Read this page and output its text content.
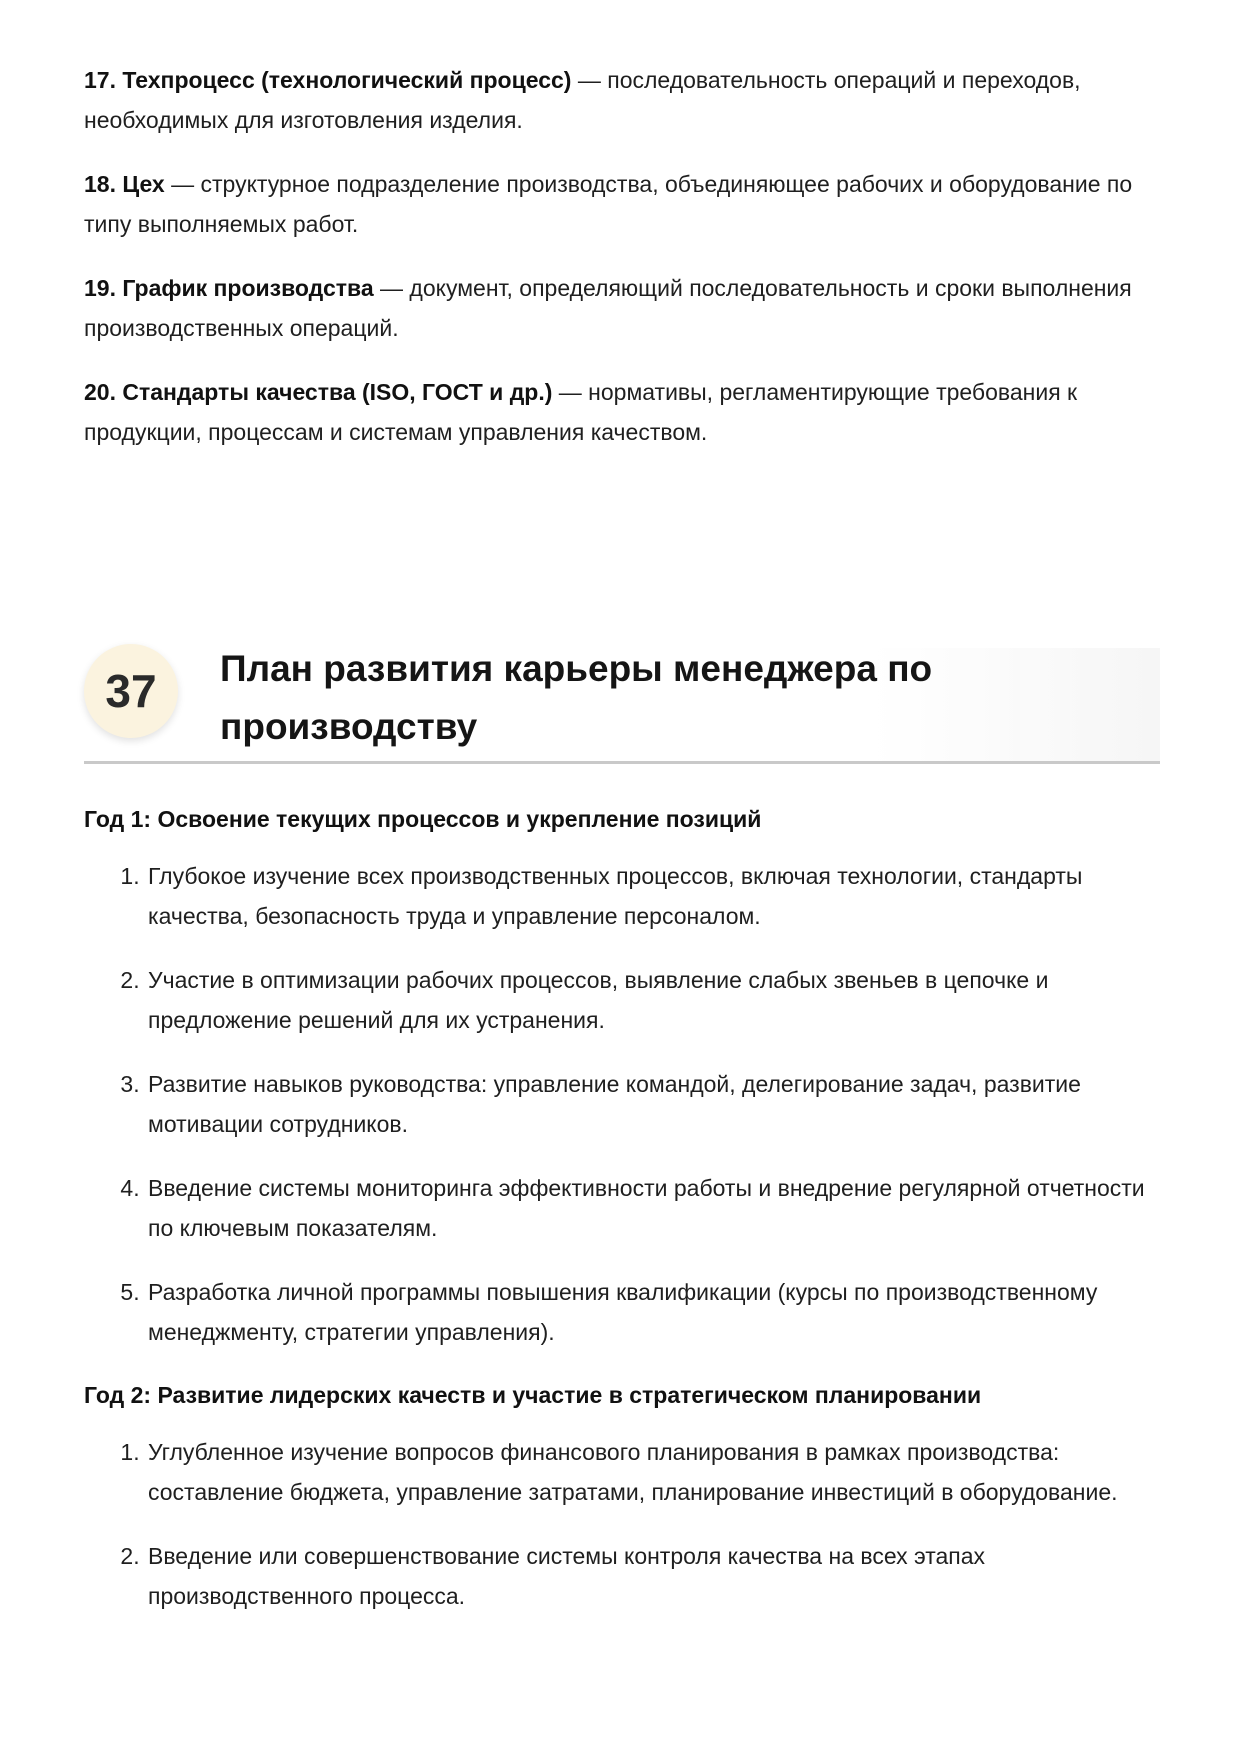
17. Техпроцесс (технологический процесс) — последовательность операций и переходов, необходимых для изготовления изделия.

18. Цех — структурное подразделение производства, объединяющее рабочих и оборудование по типу выполняемых работ.

19. График производства — документ, определяющий последовательность и сроки выполнения производственных операций.

20. Стандарты качества (ISO, ГОСТ и др.) — нормативы, регламентирующие требования к продукции, процессам и системам управления качеством.

37	План развития карьеры менеджера по производству
Год 1: Освоение текущих процессов и укрепление позиций
1. Глубокое изучение всех производственных процессов, включая технологии, стандарты качества, безопасность труда и управление персоналом.
2. Участие в оптимизации рабочих процессов, выявление слабых звеньев в цепочке и предложение решений для их устранения.
3. Развитие навыков руководства: управление командой, делегирование задач, развитие мотивации сотрудников.
4. Введение системы мониторинга эффективности работы и внедрение регулярной отчетности по ключевым показателям.
5. Разработка личной программы повышения квалификации (курсы по производственному менеджменту, стратегии управления).
Год 2: Развитие лидерских качеств и участие в стратегическом планировании
1. Углубленное изучение вопросов финансового планирования в рамках производства: составление бюджета, управление затратами, планирование инвестиций в оборудование.
2. Введение или совершенствование системы контроля качества на всех этапах производственного процесса.
